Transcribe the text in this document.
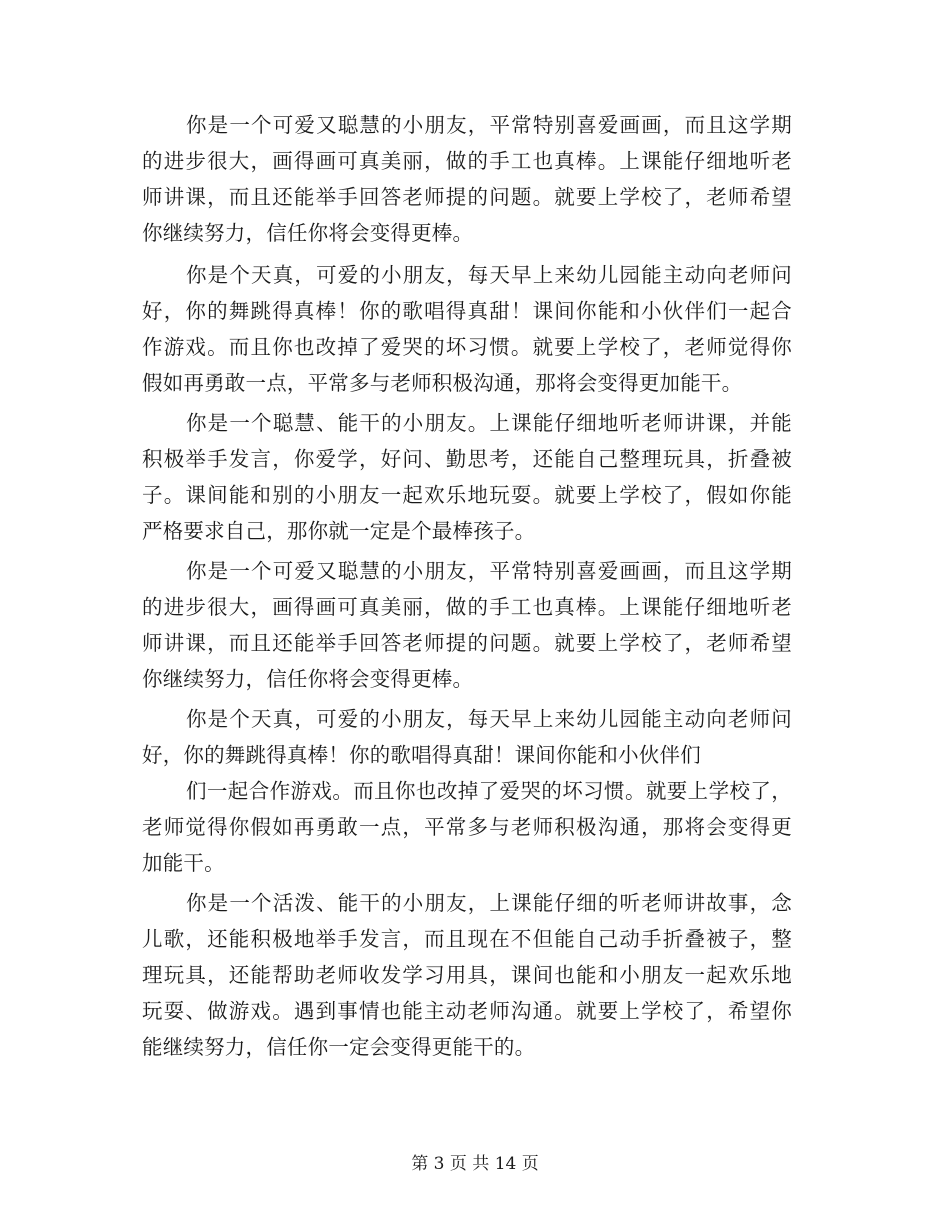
你是一个可爱又聪慧的小朋友，平常特别喜爱画画，而且这学期
的进步很大，画得画可真美丽，做的手工也真棒。上课能仔细地听老
师讲课，而且还能举手回答老师提的问题。就要上学校了，老师希望
你继续努力，信任你将会变得更棒。
你是个天真，可爱的小朋友，每天早上来幼儿园能主动向老师问
好，你的舞跳得真棒！你的歌唱得真甜！课间你能和小伙伴们一起合
作游戏。而且你也改掉了爱哭的坏习惯。就要上学校了，老师觉得你
假如再勇敢一点，平常多与老师积极沟通，那将会变得更加能干。
你是一个聪慧、能干的小朋友。上课能仔细地听老师讲课，并能
积极举手发言，你爱学，好问、勤思考，还能自己整理玩具，折叠被
子。课间能和别的小朋友一起欢乐地玩耍。就要上学校了，假如你能
严格要求自己，那你就一定是个最棒孩子。
你是一个可爱又聪慧的小朋友，平常特别喜爱画画，而且这学期
的进步很大，画得画可真美丽，做的手工也真棒。上课能仔细地听老
师讲课，而且还能举手回答老师提的问题。就要上学校了，老师希望
你继续努力，信任你将会变得更棒。
你是个天真，可爱的小朋友，每天早上来幼儿园能主动向老师问
好，你的舞跳得真棒！你的歌唱得真甜！课间你能和小伙伴们
们一起合作游戏。而且你也改掉了爱哭的坏习惯。就要上学校了，
老师觉得你假如再勇敢一点，平常多与老师积极沟通，那将会变得更
加能干。
你是一个活泼、能干的小朋友，上课能仔细的听老师讲故事，念
儿歌，还能积极地举手发言，而且现在不但能自己动手折叠被子，整
理玩具，还能帮助老师收发学习用具，课间也能和小朋友一起欢乐地
玩耍、做游戏。遇到事情也能主动老师沟通。就要上学校了，希望你
能继续努力，信任你一定会变得更能干的。
第 3 页 共 14 页
